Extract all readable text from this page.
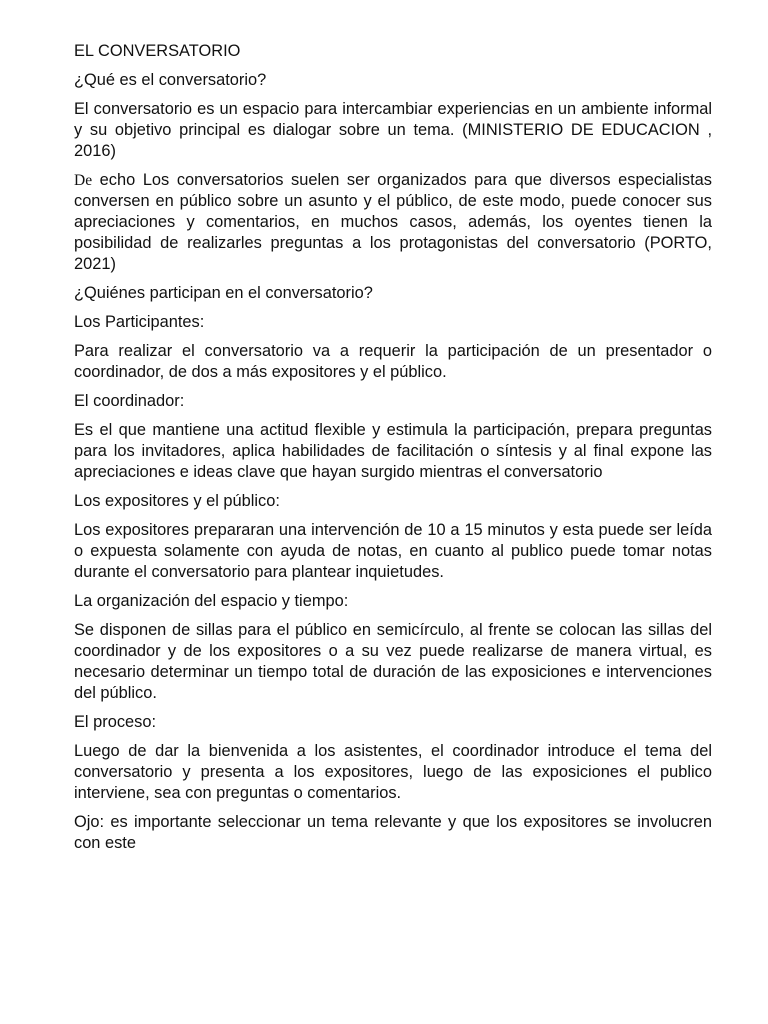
EL CONVERSATORIO

¿Qué es el conversatorio?

El conversatorio es un espacio para intercambiar experiencias en un ambiente informal y su objetivo principal es dialogar sobre un tema. (MINISTERIO DE EDUCACION , 2016)

De echo Los conversatorios suelen ser organizados para que diversos especialistas conversen en público sobre un asunto y el público, de este modo, puede conocer sus apreciaciones y comentarios, en muchos casos, además, los oyentes tienen la posibilidad de realizarles preguntas a los protagonistas del conversatorio (PORTO, 2021)

¿Quiénes participan en el conversatorio?

Los Participantes:

Para realizar el conversatorio va a requerir la participación de un presentador o coordinador, de dos a más expositores y el público.

El coordinador:

Es el que mantiene una actitud flexible y estimula la participación, prepara preguntas para los invitadores, aplica habilidades de facilitación o síntesis y al final expone las apreciaciones e ideas clave que hayan surgido mientras el conversatorio

Los expositores y el público:

Los expositores prepararan una intervención de 10 a 15 minutos y esta puede ser leída o expuesta solamente con ayuda de notas, en cuanto al publico puede tomar notas durante el conversatorio para plantear inquietudes.

La organización del espacio y tiempo:

Se disponen de sillas para el público en semicírculo, al frente se colocan las sillas del coordinador y de los expositores o a su vez puede realizarse de manera virtual, es necesario determinar un tiempo total de duración de las exposiciones e intervenciones del público.

El proceso:

Luego de dar la bienvenida a los asistentes, el coordinador introduce el tema del conversatorio y presenta a los expositores, luego de las exposiciones el publico interviene, sea con preguntas o comentarios.

Ojo: es importante seleccionar un tema relevante y que los expositores se involucren con este
